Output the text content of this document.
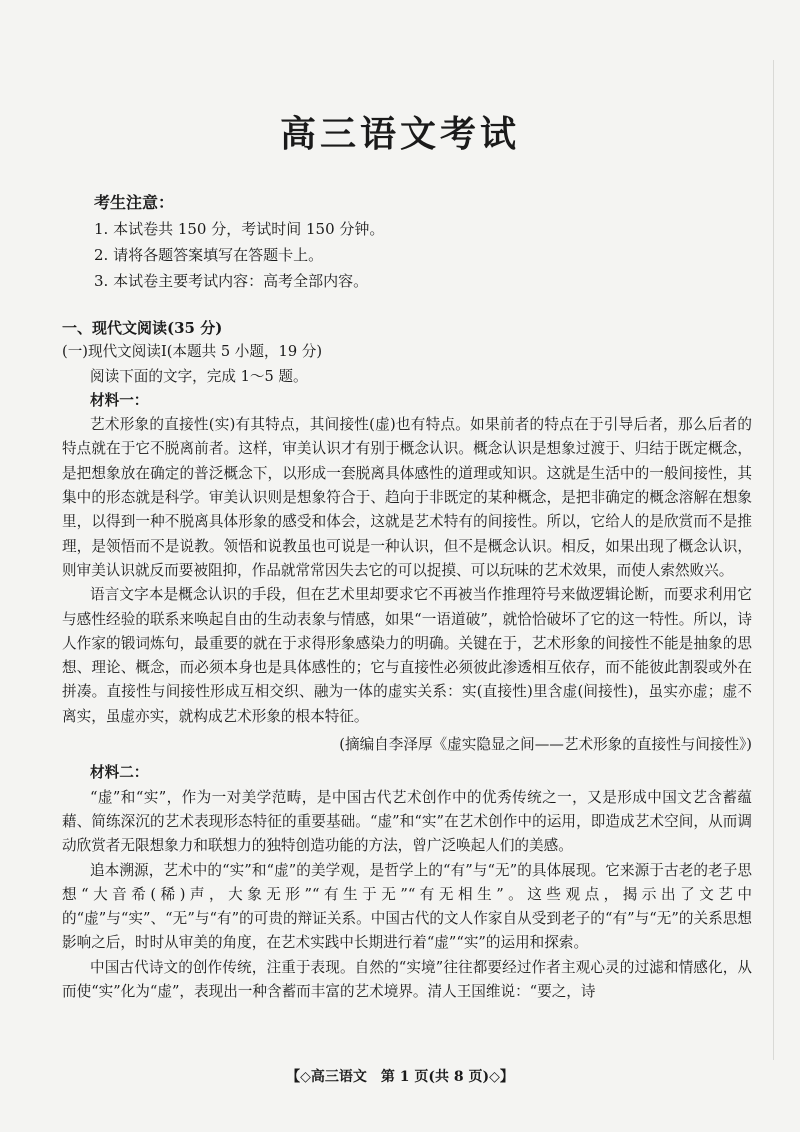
高三语文考试
考生注意：
1. 本试卷共 150 分，考试时间 150 分钟。
2. 请将各题答案填写在答题卡上。
3. 本试卷主要考试内容：高考全部内容。
一、现代文阅读(35 分)
(一)现代文阅读Ⅰ(本题共 5 小题，19 分)
阅读下面的文字，完成 1～5 题。
材料一：

艺术形象的直接性(实)有其特点，其间接性(虚)也有特点。如果前者的特点在于引导后者，那么后者的特点就在于它不脱离前者。这样，审美认识才有别于概念认识。概念认识是想象过渡于、归结于既定概念，是把想象放在确定的普泛概念下，以形成一套脱离具体感性的道理或知识。这就是生活中的一般间接性，其集中的形态就是科学。审美认识则是想象符合于、趋向于非既定的某种概念，是把非确定的概念溶解在想象里，以得到一种不脱离具体形象的感受和体会，这就是艺术特有的间接性。所以，它给人的是欣赏而不是推理，是领悟而不是说教。领悟和说教虽也可说是一种认识，但不是概念认识。相反，如果出现了概念认识，则审美认识就反而要被阻抑，作品就常常因失去它的可以捉摸、可以玩味的艺术效果，而使人索然败兴。

语言文字本是概念认识的手段，但在艺术里却要求它不再被当作推理符号来做逻辑论断，而要求利用它与感性经验的联系来唤起自由的生动表象与情感，如果“一语道破”，就恰恰破坏了它的这一特性。所以，诗人作家的锻词炼句，最重要的就在于求得形象感染力的明确。关键在于，艺术形象的间接性不能是抽象的思想、理论、概念，而必须本身也是具体感性的；它与直接性必须彼此渗透相互依存，而不能彼此割裂或外在拼凑。直接性与间接性形成互相交织、融为一体的虚实关系：实(直接性)里含虚(间接性)，虽实亦虚；虚不离实，虽虚亦实，就构成艺术形象的根本特征。

(摘编自李泽厚《虚实隐显之间——艺术形象的直接性与间接性》)
材料二：

“虚”和“实”，作为一对美学范畴，是中国古代艺术创作中的优秀传统之一，又是形成中国文艺含蓄蕴藉、简练深沉的艺术表现形态特征的重要基础。“虚”和“实”在艺术创作中的运用，即造成艺术空间，从而调动欣赏者无限想象力和联想力的独特创造功能的方法，曾广泛唤起人们的美感。

追本溯源，艺术中的“实”和“虚”的美学观，是哲学上的“有”与“无”的具体展现。它来源于古老的老子思想“大音希(稀)声，大象无形”“有生于无”“有无相生”。这些观点，揭示出了文艺中的“虚”与“实”、“无”与“有”的可贵的辩证关系。中国古代的文人作家自从受到老子的“有”与“无”的关系思想影响之后，时时从审美的角度，在艺术实践中长期进行着“虚”“实”的运用和探索。

中国古代诗文的创作传统，注重于表现。自然的“实境”往往都要经过作者主观心灵的过滤和情感化，从而使“实”化为“虚”，表现出一种含蓄而丰富的艺术境界。清人王国维说：“要之，诗

【◇高三语文　第 1 页(共 8 页)◇】
